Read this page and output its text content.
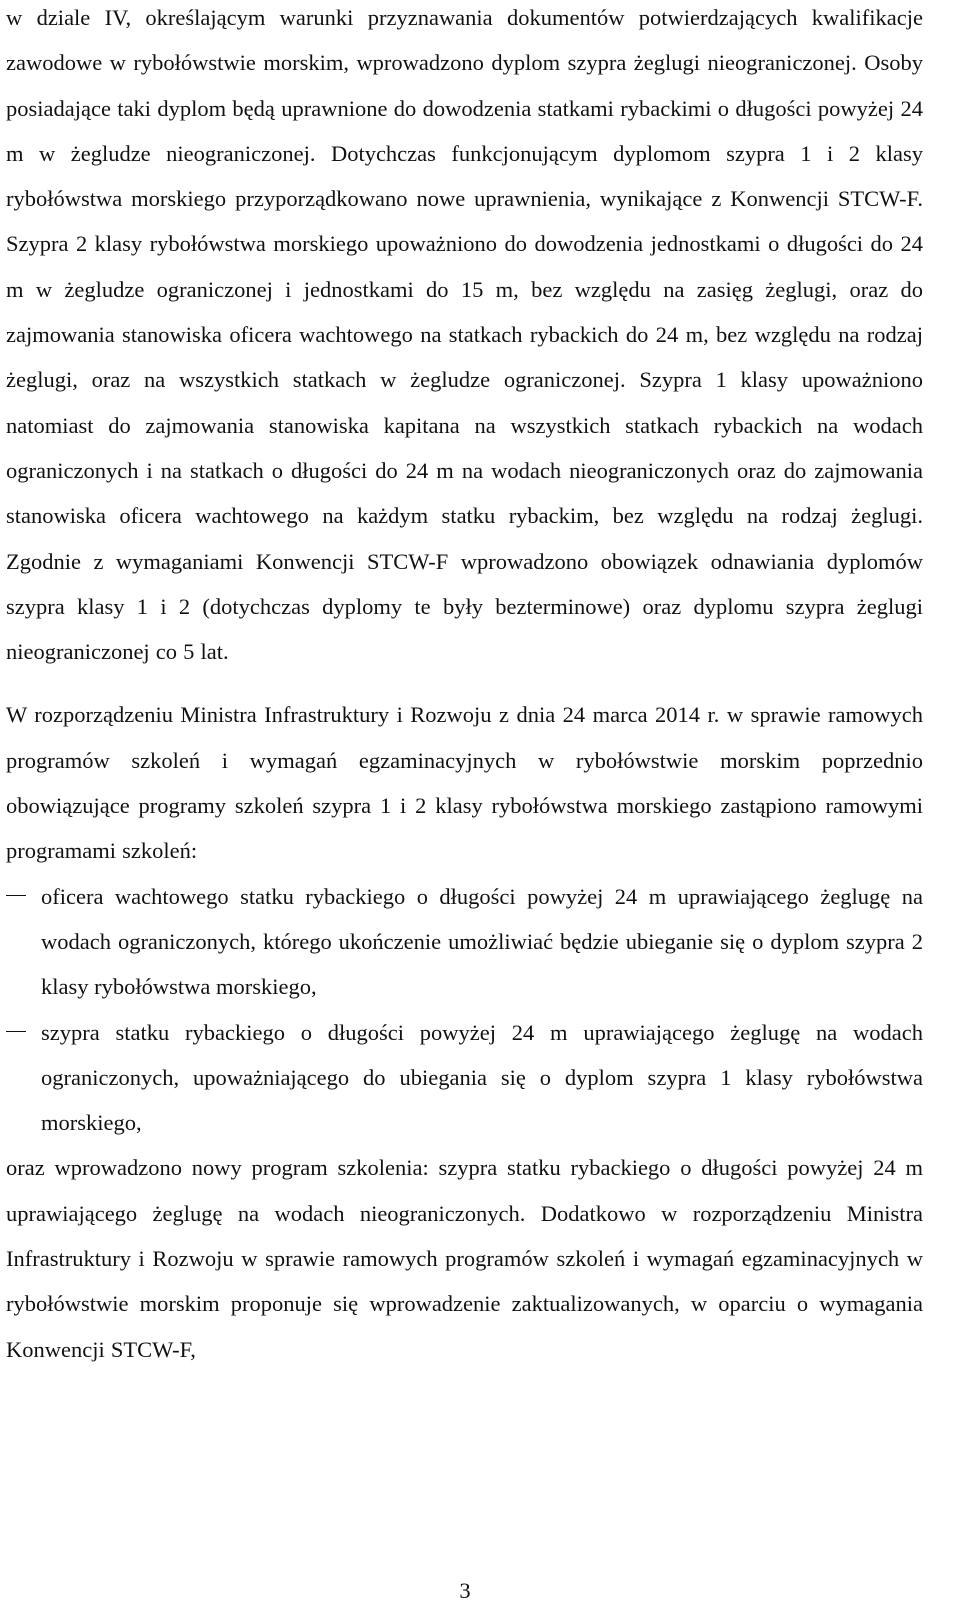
w dziale IV, określającym warunki przyznawania dokumentów potwierdzających kwalifikacje zawodowe w rybołówstwie morskim, wprowadzono dyplom szypra żeglugi nieograniczonej. Osoby posiadające taki dyplom będą uprawnione do dowodzenia statkami rybackimi o długości powyżej 24 m w żegludze nieograniczonej. Dotychczas funkcjonującym dyplomom szypra 1 i 2 klasy rybołówstwa morskiego przyporządkowano nowe uprawnienia, wynikające z Konwencji STCW-F. Szypra 2 klasy rybołówstwa morskiego upoważniono do dowodzenia jednostkami o długości do 24 m w żegludze ograniczonej i jednostkami do 15 m, bez względu na zasięg żeglugi, oraz do zajmowania stanowiska oficera wachtowego na statkach rybackich do 24 m, bez względu na rodzaj żeglugi, oraz na wszystkich statkach w żegludze ograniczonej. Szypra 1 klasy upoważniono natomiast do zajmowania stanowiska kapitana na wszystkich statkach rybackich na wodach ograniczonych i na statkach o długości do 24 m na wodach nieograniczonych oraz do zajmowania stanowiska oficera wachtowego na każdym statku rybackim, bez względu na rodzaj żeglugi. Zgodnie z wymaganiami Konwencji STCW-F wprowadzono obowiązek odnawiania dyplomów szypra klasy 1 i 2 (dotychczas dyplomy te były bezterminowe) oraz dyplomu szypra żeglugi nieograniczonej co 5 lat.

W rozporządzeniu Ministra Infrastruktury i Rozwoju z dnia 24 marca 2014 r. w sprawie ramowych programów szkoleń i wymagań egzaminacyjnych w rybołówstwie morskim poprzednio obowiązujące programy szkoleń szypra 1 i 2 klasy rybołówstwa morskiego zastąpiono ramowymi programami szkoleń:

oficera wachtowego statku rybackiego o długości powyżej 24 m uprawiającego żeglugę na wodach ograniczonych, którego ukończenie umożliwiać będzie ubieganie się o dyplom szypra 2 klasy rybołówstwa morskiego,
szypra statku rybackiego o długości powyżej 24 m uprawiającego żeglugę na wodach ograniczonych, upoważniającego do ubiegania się o dyplom szypra 1 klasy rybołówstwa morskiego,

oraz wprowadzono nowy program szkolenia: szypra statku rybackiego o długości powyżej 24 m uprawiającego żeglugę na wodach nieograniczonych. Dodatkowo w rozporządzeniu Ministra Infrastruktury i Rozwoju w sprawie ramowych programów szkoleń i wymagań egzaminacyjnych w rybołówstwie morskim proponuje się wprowadzenie zaktualizowanych, w oparciu o wymagania Konwencji STCW-F,

3
